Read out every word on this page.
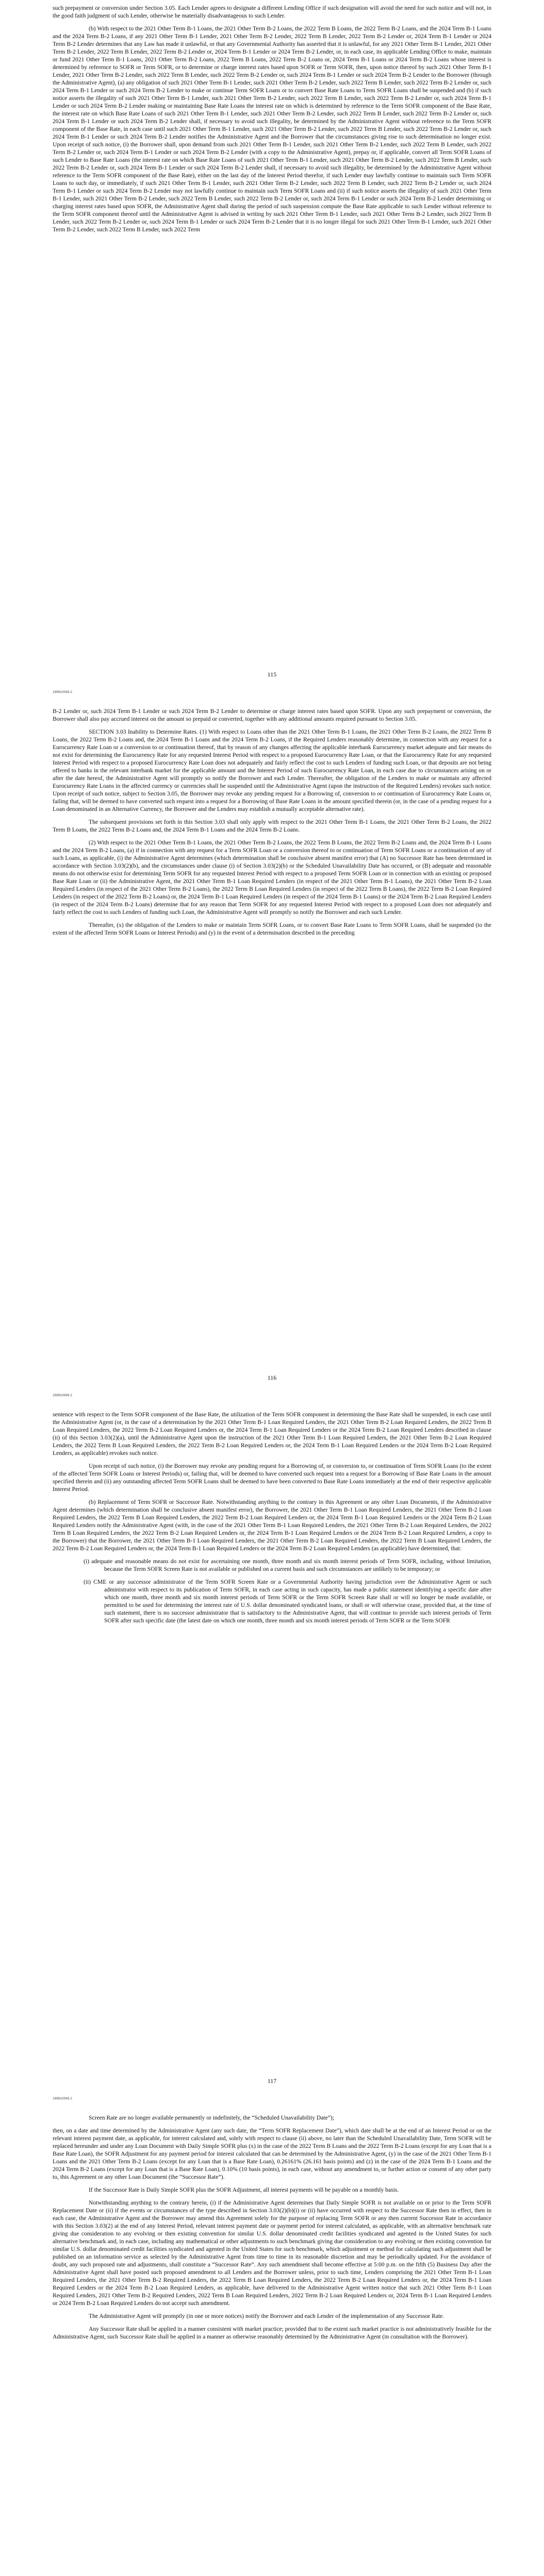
such prepayment or conversion under Section 3.05. Each Lender agrees to designate a different Lending Office if such designation will avoid the need for such notice and will not, in the good faith judgment of such Lender, otherwise be materially disadvantageous to such Lender.

(b) With respect to the 2021 Other Term B-1 Loans, the 2021 Other Term B-2 Loans, the 2022 Term B Loans, the 2022 Term B-2 Loans, and the 2024 Term B-1 Loans and the 2024 Term B-2 Loans, if any 2021 Other Term B-1 Lender, 2021 Other Term B-2 Lender, 2022 Term B Lender, 2022 Term B-2 Lender or, 2024 Term B-1 Lender or 2024 Term B-2 Lender determines that any Law has made it unlawful, or that any Governmental Authority has asserted that it is unlawful, for any 2021 Other Term B-1 Lender, 2021 Other Term B-2 Lender, 2022 Term B Lender, 2022 Term B-2 Lender or, 2024 Term B-1 Lender or 2024 Term B-2 Lender, or, in each case, its applicable Lending Office to make, maintain or fund 2021 Other Term B-1 Loans, 2021 Other Term B-2 Loans, 2022 Term B Loans, 2022 Term B-2 Loans or, 2024 Term B-1 Loans or 2024 Term B-2 Loans whose interest is determined by reference to SOFR or Term SOFR, or to determine or charge interest rates based upon SOFR or Term SOFR, then, upon notice thereof by such 2021 Other Term B-1 Lender, 2021 Other Term B-2 Lender, such 2022 Term B Lender, such 2022 Term B-2 Lender or, such 2024 Term B-1 Lender or such 2024 Term B-2 Lender to the Borrower (through the Administrative Agent), (a) any obligation of such 2021 Other Term B-1 Lender, such 2021 Other Term B-2 Lender, such 2022 Term B Lender, such 2022 Term B-2 Lender or, such 2024 Term B-1 Lender or such 2024 Term B-2 Lender to make or continue Term SOFR Loans or to convert Base Rate Loans to Term SOFR Loans shall be suspended and (b) if such notice asserts the illegality of such 2021 Other Term B-1 Lender, such 2021 Other Term B-2 Lender, such 2022 Term B Lender, such 2022 Term B-2 Lender or, such 2024 Term B-1 Lender or such 2024 Term B-2 Lender making or maintaining Base Rate Loans the interest rate on which is determined by reference to the Term SOFR component of the Base Rate, the interest rate on which Base Rate Loans of such 2021 Other Term B-1 Lender, such 2021 Other Term B-2 Lender, such 2022 Term B Lender, such 2022 Term B-2 Lender or, such 2024 Term B-1 Lender or such 2024 Term B-2 Lender shall, if necessary to avoid such illegality, be determined by the Administrative Agent without reference to the Term SOFR component of the Base Rate, in each case until such 2021 Other Term B-1 Lender, such 2021 Other Term B-2 Lender, such 2022 Term B Lender, such 2022 Term B-2 Lender or, such 2024 Term B-1 Lender or such 2024 Term B-2 Lender notifies the Administrative Agent and the Borrower that the circumstances giving rise to such determination no longer exist. Upon receipt of such notice, (i) the Borrower shall, upon demand from such 2021 Other Term B-1 Lender, such 2021 Other Term B-2 Lender, such 2022 Term B Lender, such 2022 Term B-2 Lender or, such 2024 Term B-1 Lender or such 2024 Term B-2 Lender (with a copy to the Administrative Agent), prepay or, if applicable, convert all Term SOFR Loans of such Lender to Base Rate Loans (the interest rate on which Base Rate Loans of such 2021 Other Term B-1 Lender, such 2021 Other Term B-2 Lender, such 2022 Term B Lender, such 2022 Term B-2 Lender or, such 2024 Term B-1 Lender or such 2024 Term B-2 Lender shall, if necessary to avoid such illegality, be determined by the Administrative Agent without reference to the Term SOFR component of the Base Rate), either on the last day of the Interest Period therefor, if such Lender may lawfully continue to maintain such Term SOFR Loans to such day, or immediately, if such 2021 Other Term B-1 Lender, such 2021 Other Term B-2 Lender, such 2022 Term B Lender, such 2022 Term B-2 Lender or, such 2024 Term B-1 Lender or such 2024 Term B-2 Lender may not lawfully continue to maintain such Term SOFR Loans and (ii) if such notice asserts the illegality of such 2021 Other Term B-1 Lender, such 2021 Other Term B-2 Lender, such 2022 Term B Lender, such 2022 Term B-2 Lender or, such 2024 Term B-1 Lender or such 2024 Term B-2 Lender determining or charging interest rates based upon SOFR, the Administrative Agent shall during the period of such suspension compute the Base Rate applicable to such Lender without reference to the Term SOFR component thereof until the Administrative Agent is advised in writing by such 2021 Other Term B-1 Lender, such 2021 Other Term B-2 Lender, such 2022 Term B Lender, such 2022 Term B-2 Lender or, such 2024 Term B-1 Lender or such 2024 Term B-2 Lender that it is no longer illegal for such 2021 Other Term B-1 Lender, such 2021 Other Term B-2 Lender, such 2022 Term B Lender, such 2022 Term

115
199910049.2

B-2 Lender or, such 2024 Term B-1 Lender or such 2024 Term B-2 Lender to determine or charge interest rates based upon SOFR. Upon any such prepayment or conversion, the Borrower shall also pay accrued interest on the amount so prepaid or converted, together with any additional amounts required pursuant to Section 3.05.

SECTION 3.03 Inability to Determine Rates. (1) With respect to Loans other than the 2021 Other Term B-1 Loans, the 2021 Other Term B-2 Loans, the 2022 Term B Loans, the 2022 Term B-2 Loans and, the 2024 Term B-1 Loans and the 2024 Term B-2 Loans, if the Required Lenders reasonably determine, in connection with any request for a Eurocurrency Rate Loan or a conversion to or continuation thereof, that by reason of any changes affecting the applicable interbank Eurocurrency market adequate and fair means do not exist for determining the Eurocurrency Rate for any requested Interest Period with respect to a proposed Eurocurrency Rate Loan, or that the Eurocurrency Rate for any requested Interest Period with respect to a proposed Eurocurrency Rate Loan does not adequately and fairly reflect the cost to such Lenders of funding such Loan, or that deposits are not being offered to banks in the relevant interbank market for the applicable amount and the Interest Period of such Eurocurrency Rate Loan, in each case due to circumstances arising on or after the date hereof, the Administrative Agent will promptly so notify the Borrower and each Lender. Thereafter, the obligation of the Lenders to make or maintain any affected Eurocurrency Rate Loans in the affected currency or currencies shall be suspended until the Administrative Agent (upon the instruction of the Required Lenders) revokes such notice. Upon receipt of such notice, subject to Section 3.05, the Borrower may revoke any pending request for a Borrowing of, conversion to or continuation of Eurocurrency Rate Loans or, failing that, will be deemed to have converted such request into a request for a Borrowing of Base Rate Loans in the amount specified therein (or, in the case of a pending request for a Loan denominated in an Alternative Currency, the Borrower and the Lenders may establish a mutually acceptable alternative rate).

The subsequent provisions set forth in this Section 3.03 shall only apply with respect to the 2021 Other Term B-1 Loans, the 2021 Other Term B-2 Loans, the 2022 Term B Loans, the 2022 Term B-2 Loans and, the 2024 Term B-1 Loans and the 2024 Term B-2 Loans.

(2) With respect to the 2021 Other Term B-1 Loans, the 2021 Other Term B-2 Loans, the 2022 Term B Loans, the 2022 Term B-2 Loans and, the 2024 Term B-1 Loans and the 2024 Term B-2 Loans, (a) if in connection with any request for a Term SOFR Loan or a conversion thereof to or continuation of Term SOFR Loans or a continuation of any of such Loans, as applicable, (i) the Administrative Agent determines (which determination shall be conclusive absent manifest error) that (A) no Successor Rate has been determined in accordance with Section 3.03(2)(b), and the circumstances under clause (i) of Section 3.03(2)(b) or the Scheduled Unavailability Date has occurred, or (B) adequate and reasonable means do not otherwise exist for determining Term SOFR for any requested Interest Period with respect to a proposed Term SOFR Loan or in connection with an existing or proposed Base Rate Loan or (ii) the Administrative Agent, the 2021 Other Term B-1 Loan Required Lenders (in respect of the 2021 Other Term B-1 Loans), the 2021 Other Term B-2 Loan Required Lenders (in respect of the 2021 Other Term B-2 Loans), the 2022 Term B Loan Required Lenders (in respect of the 2022 Term B Loans), the 2022 Term B-2 Loan Required Lenders (in respect of the 2022 Term B-2 Loans) or, the 2024 Term B-1 Loan Required Lenders (in respect of the 2024 Term B-1 Loans) or the 2024 Term B-2 Loan Required Lenders (in respect of the 2024 Term B-2 Loans) determine that for any reason that Term SOFR for any requested Interest Period with respect to a proposed Loan does not adequately and fairly reflect the cost to such Lenders of funding such Loan, the Administrative Agent will promptly so notify the Borrower and each such Lender.

Thereafter, (x) the obligation of the Lenders to make or maintain Term SOFR Loans, or to convert Base Rate Loans to Term SOFR Loans, shall be suspended (to the extent of the affected Term SOFR Loans or Interest Periods) and (y) in the event of a determination described in the preceding

116
199910049.2

sentence with respect to the Term SOFR component of the Base Rate, the utilization of the Term SOFR component in determining the Base Rate shall be suspended, in each case until the Administrative Agent (or, in the case of a determination by the 2021 Other Term B-1 Loan Required Lenders, the 2021 Other Term B-2 Loan Required Lenders, the 2022 Term B Loan Required Lenders, the 2022 Term B-2 Loan Required Lenders or, the 2024 Term B-1 Loan Required Lenders or the 2024 Term B-2 Loan Required Lenders described in clause (ii) of this Section 3.03(2)(a), until the Administrative Agent upon the instruction of the 2021 Other Term B-1 Loan Required Lenders, the 2021 Other Term B-2 Loan Required Lenders, the 2022 Term B Loan Required Lenders, the 2022 Term B-2 Loan Required Lenders or, the 2024 Term B-1 Loan Required Lenders or the 2024 Term B-2 Loan Required Lenders, as applicable) revokes such notice.

Upon receipt of such notice, (i) the Borrower may revoke any pending request for a Borrowing of, or conversion to, or continuation of Term SOFR Loans (to the extent of the affected Term SOFR Loans or Interest Periods) or, failing that, will be deemed to have converted such request into a request for a Borrowing of Base Rate Loans in the amount specified therein and (ii) any outstanding affected Term SOFR Loans shall be deemed to have been converted to Base Rate Loans immediately at the end of their respective applicable Interest Period.

(b) Replacement of Term SOFR or Successor Rate. Notwithstanding anything to the contrary in this Agreement or any other Loan Documents, if the Administrative Agent determines (which determination shall be conclusive absent manifest error), the Borrower, the 2021 Other Term B-1 Loan Required Lenders, the 2021 Other Term B-2 Loan Required Lenders, the 2022 Term B Loan Required Lenders, the 2022 Term B-2 Loan Required Lenders or, the 2024 Term B-1 Loan Required Lenders or the 2024 Term B-2 Loan Required Lenders notify the Administrative Agent (with, in the case of the 2021 Other Term B-1 Loan Required Lenders, the 2021 Other Term B-2 Loan Required Lenders, the 2022 Term B Loan Required Lenders, the 2022 Term B-2 Loan Required Lenders or, the 2024 Term B-1 Loan Required Lenders or the 2024 Term B-2 Loan Required Lenders, a copy to the Borrower) that the Borrower, the 2021 Other Term B-1 Loan Required Lenders, the 2021 Other Term B-2 Loan Required Lenders, the 2022 Term B Loan Required Lenders, the 2022 Term B-2 Loan Required Lenders or, the 2024 Term B-1 Loan Required Lenders or the 2024 Term B-2 Loan Required Lenders (as applicable) have determined, that:

(i) adequate and reasonable means do not exist for ascertaining one month, three month and six month interest periods of Term SOFR, including, without limitation, because the Term SOFR Screen Rate is not available or published on a current basis and such circumstances are unlikely to be temporary; or

(ii) CME or any successor administrator of the Term SOFR Screen Rate or a Governmental Authority having jurisdiction over the Administrative Agent or such administrator with respect to its publication of Term SOFR, in each case acting in such capacity, has made a public statement identifying a specific date after which one month, three month and six month interest periods of Term SOFR or the Term SOFR Screen Rate shall or will no longer be made available, or permitted to be used for determining the interest rate of U.S. dollar denominated syndicated loans, or shall or will otherwise cease, provided that, at the time of such statement, there is no successor administrator that is satisfactory to the Administrative Agent, that will continue to provide such interest periods of Term SOFR after such specific date (the latest date on which one month, three month and six month interest periods of Term SOFR or the Term SOFR

117
199910049.2

Screen Rate are no longer available permanently or indefinitely, the “Scheduled Unavailability Date”);

then, on a date and time determined by the Administrative Agent (any such date, the “Term SOFR Replacement Date”), which date shall be at the end of an Interest Period or on the relevant interest payment date, as applicable, for interest calculated and, solely with respect to clause (ii) above, no later than the Scheduled Unavailability Date, Term SOFR will be replaced hereunder and under any Loan Document with Daily Simple SOFR plus (x) in the case of the 2022 Term B Loans and the 2022 Term B-2 Loans (except for any Loan that is a Base Rate Loan), the SOFR Adjustment for any payment period for interest calculated that can be determined by the Administrative Agent, (y) in the case of the 2021 Other Term B-1 Loans and the 2021 Other Term B-2 Loans (except for any Loan that is a Base Rate Loan), 0.26161% (26.161 basis points) and (z) in the case of the 2024 Term B-1 Loans and the 2024 Term B-2 Loans (except for any Loan that is a Base Rate Loan), 0.10% (10 basis points), in each case, without any amendment to, or further action or consent of any other party to, this Agreement or any other Loan Document (the “Successor Rate”).

If the Successor Rate is Daily Simple SOFR plus the SOFR Adjustment, all interest payments will be payable on a monthly basis.

Notwithstanding anything to the contrary herein, (i) if the Administrative Agent determines that Daily Simple SOFR is not available on or prior to the Term SOFR Replacement Date or (ii) if the events or circumstances of the type described in Section 3.03(2)(b)(i) or (ii) have occurred with respect to the Successor Rate then in effect, then in each case, the Administrative Agent and the Borrower may amend this Agreement solely for the purpose of replacing Term SOFR or any then current Successor Rate in accordance with this Section 3.03(2) at the end of any Interest Period, relevant interest payment date or payment period for interest calculated, as applicable, with an alternative benchmark rate giving due consideration to any evolving or then existing convention for similar U.S. dollar denominated credit facilities syndicated and agented in the United States for such alternative benchmark and, in each case, including any mathematical or other adjustments to such benchmark giving due consideration to any evolving or then existing convention for similar U.S. dollar denominated credit facilities syndicated and agented in the United States for such benchmark, which adjustment or method for calculating such adjustment shall be published on an information service as selected by the Administrative Agent from time to time in its reasonable discretion and may be periodically updated. For the avoidance of doubt, any such proposed rate and adjustments, shall constitute a “Successor Rate”. Any such amendment shall become effective at 5:00 p.m. on the fifth (5) Business Day after the Administrative Agent shall have posted such proposed amendment to all Lenders and the Borrower unless, prior to such time, Lenders comprising the 2021 Other Term B-1 Loan Required Lenders, the 2021 Other Term B-2 Required Lenders, the 2022 Term B Loan Required Lenders, the 2022 Term B-2 Loan Required Lenders or, the 2024 Term B-1 Loan Required Lenders or the 2024 Term B-2 Loan Required Lenders, as applicable, have delivered to the Administrative Agent written notice that such 2021 Other Term B-1 Loan Required Lenders, 2021 Other Term B-2 Required Lenders, 2022 Term B Loan Required Lenders, 2022 Term B-2 Loan Required Lenders or, 2024 Term B-1 Loan Required Lenders or 2024 Term B-2 Loan Required Lenders do not accept such amendment.

The Administrative Agent will promptly (in one or more notices) notify the Borrower and each Lender of the implementation of any Successor Rate.

Any Successor Rate shall be applied in a manner consistent with market practice; provided that to the extent such market practice is not administratively feasible for the Administrative Agent, such Successor Rate shall be applied in a manner as otherwise reasonably determined by the Administrative Agent (in consultation with the Borrower).
